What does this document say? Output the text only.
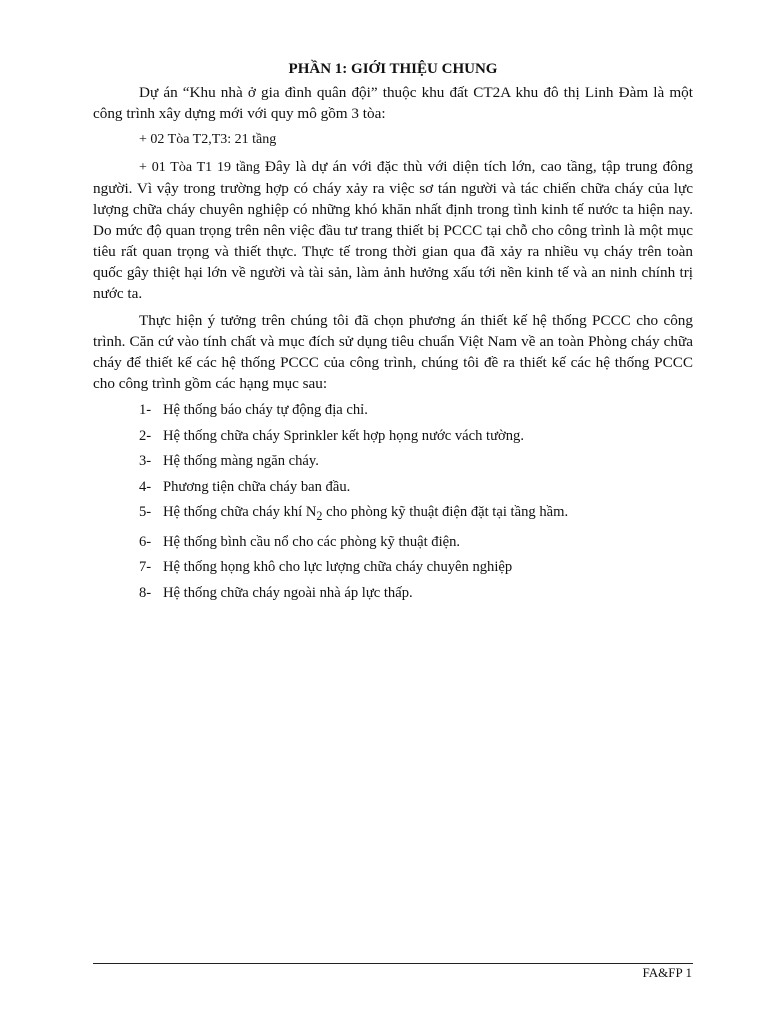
PHẦN 1: GIỚI THIỆU CHUNG

Dự án “Khu nhà ở gia đình quân đội” thuộc khu đất CT2A khu đô thị Linh Đàm là một công trình xây dựng mới với quy mô gồm 3 tòa:

+ 02 Tòa T2,T3: 21 tầng

+ 01 Tòa T1 19 tầng Đây là dự án với đặc thù với diện tích lớn, cao tầng, tập trung đông người. Vì vậy trong trường hợp có cháy xảy ra việc sơ tán người và tác chiến chữa cháy của lực lượng chữa cháy chuyên nghiệp có những khó khăn nhất định trong tình kinh tế nước ta hiện nay. Do mức độ quan trọng trên nên việc đầu tư trang thiết bị PCCC tại chỗ cho công trình là một mục tiêu rất quan trọng và thiết thực. Thực tế trong thời gian qua đã xảy ra nhiều vụ cháy trên toàn quốc gây thiệt hại lớn về người và tài sản, làm ảnh hưởng xấu tới nền kinh tế và an ninh chính trị nước ta.

Thực hiện ý tưởng trên chúng tôi đã chọn phương án thiết kế hệ thống PCCC cho công trình. Căn cứ vào tính chất và mục đích sử dụng tiêu chuẩn Việt Nam về an toàn Phòng cháy chữa cháy để thiết kế các hệ thống PCCC của công trình, chúng tôi đề ra thiết kế các hệ thống PCCC cho công trình gồm các hạng mục sau:

1- Hệ thống báo cháy tự động địa chỉ.
2- Hệ thống chữa cháy Sprinkler kết hợp họng nước vách tường.
3- Hệ thống màng ngăn cháy.
4- Phương tiện chữa cháy ban đầu.
5- Hệ thống chữa cháy khí $N_2$ cho phòng kỹ thuật điện đặt tại tầng hầm.
6- Hệ thống bình cầu nổ cho các phòng kỹ thuật điện.
7- Hệ thống họng khô cho lực lượng chữa cháy chuyên nghiệp
8- Hệ thống chữa cháy ngoài nhà áp lực thấp.
FA&FP 1
